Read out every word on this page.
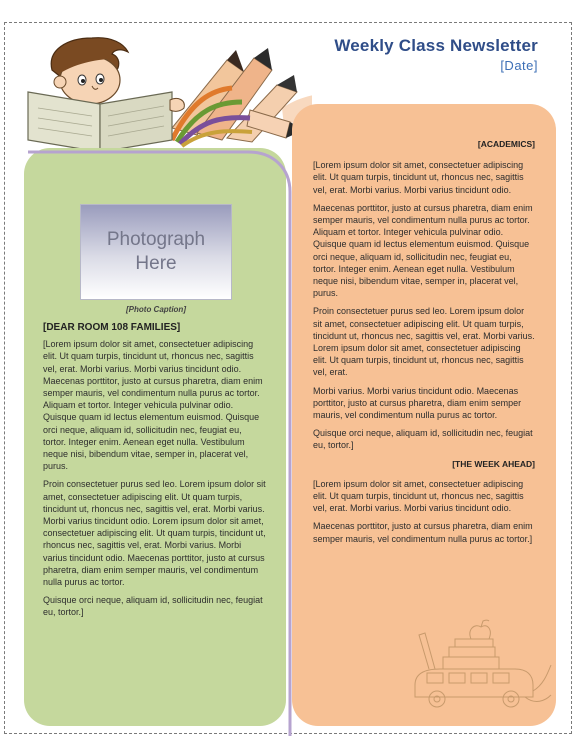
Weekly Class Newsletter
[Date]
Photograph Here
[Photo Caption]
[DEAR ROOM 108 FAMILIES]

[Lorem ipsum dolor sit amet, consectetuer adipiscing elit. Ut quam turpis, tincidunt ut, rhoncus nec, sagittis vel, erat. Morbi varius. Morbi varius tincidunt odio. Maecenas porttitor, justo at cursus pharetra, diam enim semper mauris, vel condimentum nulla purus ac tortor. Aliquam et tortor. Integer vehicula pulvinar odio. Quisque quam id lectus elementum euismod. Quisque orci neque, aliquam id, sollicitudin nec, feugiat eu, tortor. Integer enim. Aenean eget nulla. Vestibulum neque nisi, bibendum vitae, semper in, placerat vel, purus.

Proin consectetuer purus sed leo. Lorem ipsum dolor sit amet, consectetuer adipiscing elit. Ut quam turpis, tincidunt ut, rhoncus nec, sagittis vel, erat. Morbi varius. Morbi varius tincidunt odio. Lorem ipsum dolor sit amet, consectetuer adipiscing elit. Ut quam turpis, tincidunt ut, rhoncus nec, sagittis vel, erat. Morbi varius. Morbi varius tincidunt odio. Maecenas porttitor, justo at cursus pharetra, diam enim semper mauris, vel condimentum nulla purus ac tortor.

Quisque orci neque, aliquam id, sollicitudin nec, feugiat eu, tortor.]

[ACADEMICS]

[Lorem ipsum dolor sit amet, consectetuer adipiscing elit. Ut quam turpis, tincidunt ut, rhoncus nec, sagittis vel, erat. Morbi varius. Morbi varius tincidunt odio.

Maecenas porttitor, justo at cursus pharetra, diam enim semper mauris, vel condimentum nulla purus ac tortor. Aliquam et tortor. Integer vehicula pulvinar odio. Quisque quam id lectus elementum euismod. Quisque orci neque, aliquam id, sollicitudin nec, feugiat eu, tortor. Integer enim. Aenean eget nulla. Vestibulum neque nisi, bibendum vitae, semper in, placerat vel, purus.

Proin consectetuer purus sed leo. Lorem ipsum dolor sit amet, consectetuer adipiscing elit. Ut quam turpis, tincidunt ut, rhoncus nec, sagittis vel, erat. Morbi varius. Lorem ipsum dolor sit amet, consectetuer adipiscing elit. Ut quam turpis, tincidunt ut, rhoncus nec, sagittis vel, erat.

Morbi varius. Morbi varius tincidunt odio. Maecenas porttitor, justo at cursus pharetra, diam enim semper mauris, vel condimentum nulla purus ac tortor.

Quisque orci neque, aliquam id, sollicitudin nec, feugiat eu, tortor.]

[THE WEEK AHEAD]

[Lorem ipsum dolor sit amet, consectetuer adipiscing elit. Ut quam turpis, tincidunt ut, rhoncus nec, sagittis vel, erat. Morbi varius. Morbi varius tincidunt odio.

Maecenas porttitor, justo at cursus pharetra, diam enim semper mauris, vel condimentum nulla purus ac tortor.]
